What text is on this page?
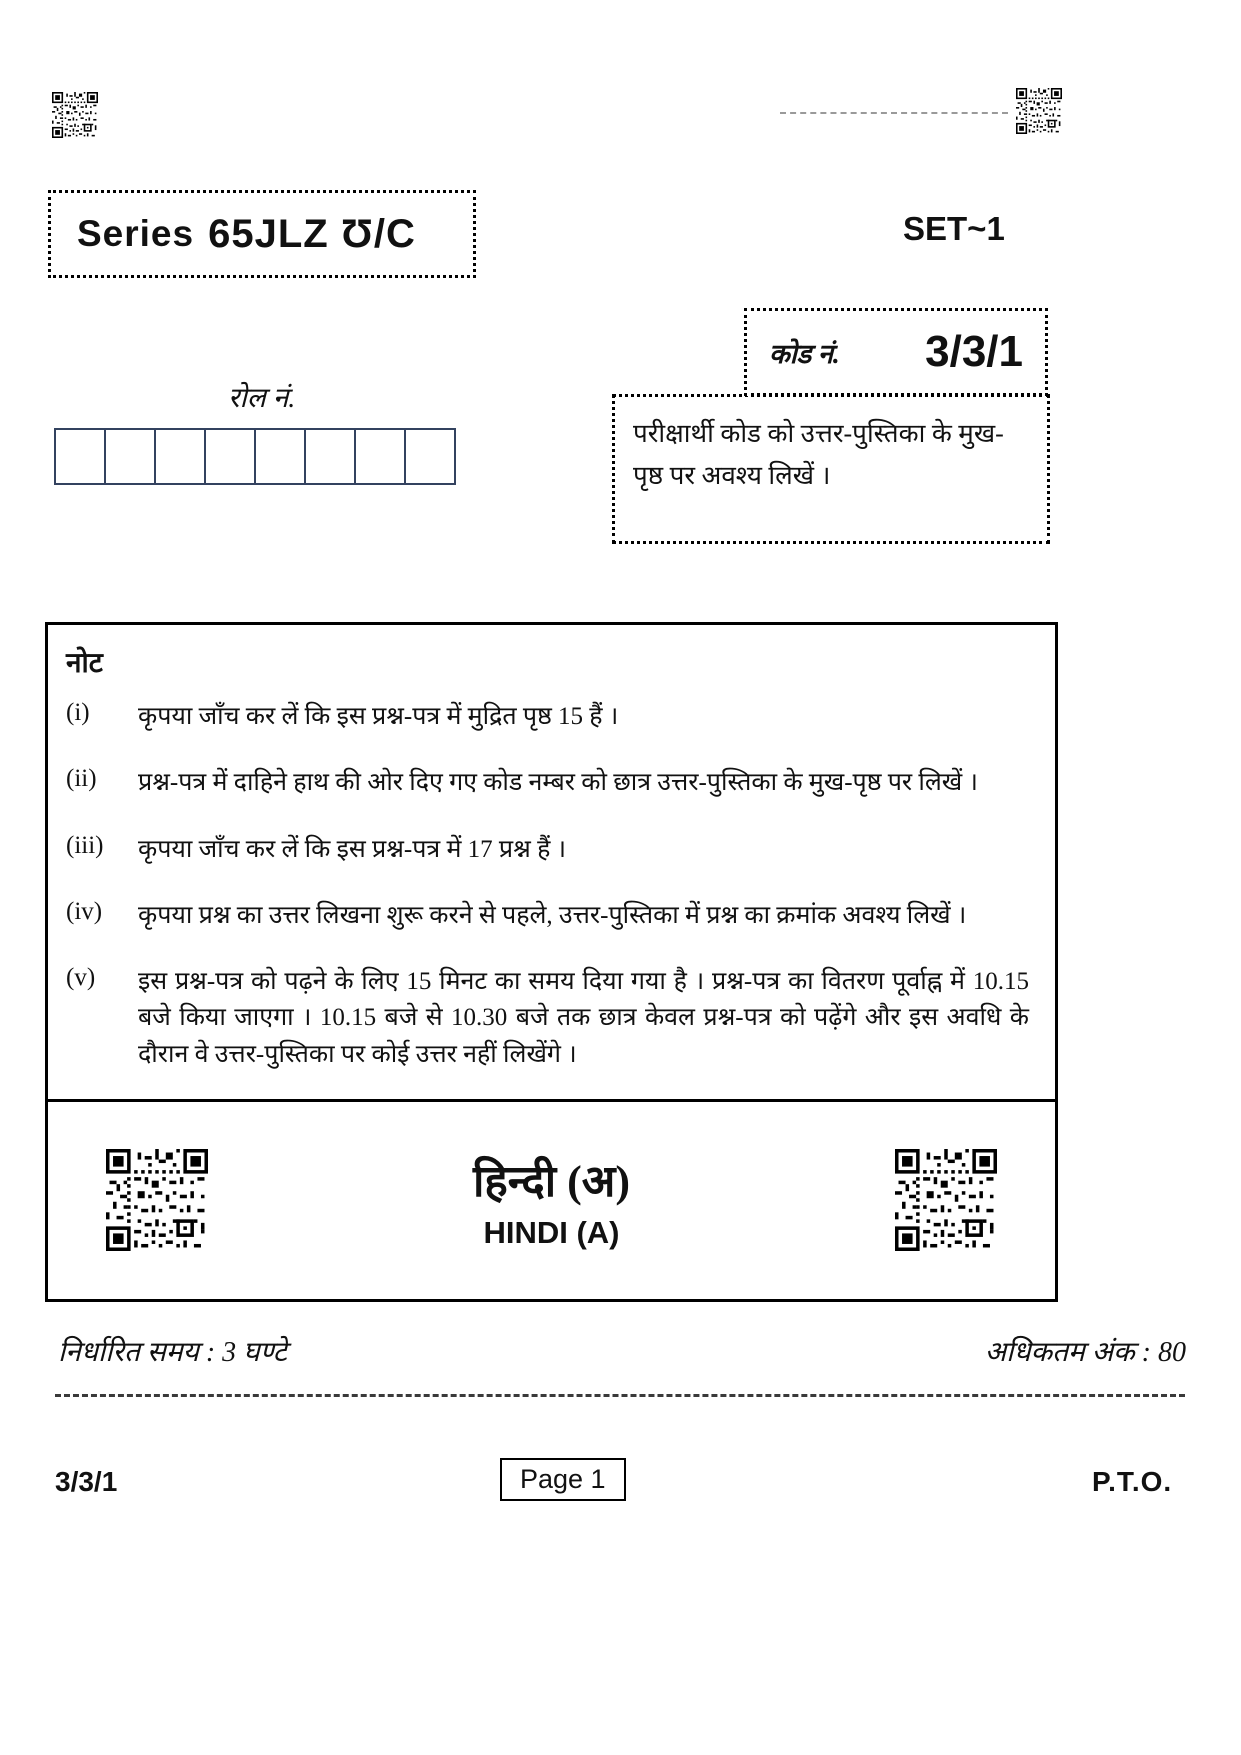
Series 65JLZ Ʊ/C	SET~1
कोड नं. 3/3/1
रोल नं.
परीक्षार्थी कोड को उत्तर-पुस्तिका के मुख-पृष्ठ पर अवश्य लिखें ।
नोट
(i)	कृपया जाँच कर लें कि इस प्रश्न-पत्र में मुद्रित पृष्ठ 15 हैं ।
(ii)	प्रश्न-पत्र में दाहिने हाथ की ओर दिए गए कोड नम्बर को छात्र उत्तर-पुस्तिका के मुख-पृष्ठ पर लिखें ।
(iii)	कृपया जाँच कर लें कि इस प्रश्न-पत्र में 17 प्रश्न हैं ।
(iv)	कृपया प्रश्न का उत्तर लिखना शुरू करने से पहले, उत्तर-पुस्तिका में प्रश्न का क्रमांक अवश्य लिखें ।
(v)	इस प्रश्न-पत्र को पढ़ने के लिए 15 मिनट का समय दिया गया है । प्रश्न-पत्र का वितरण पूर्वाह्न में 10.15 बजे किया जाएगा । 10.15 बजे से 10.30 बजे तक छात्र केवल प्रश्न-पत्र को पढ़ेंगे और इस अवधि के दौरान वे उत्तर-पुस्तिका पर कोई उत्तर नहीं लिखेंगे ।
हिन्दी (अ)
HINDI (A)
निर्धारित समय : 3 घण्टे	अधिकतम अंक : 80
3/3/1	Page 1	P.T.O.
